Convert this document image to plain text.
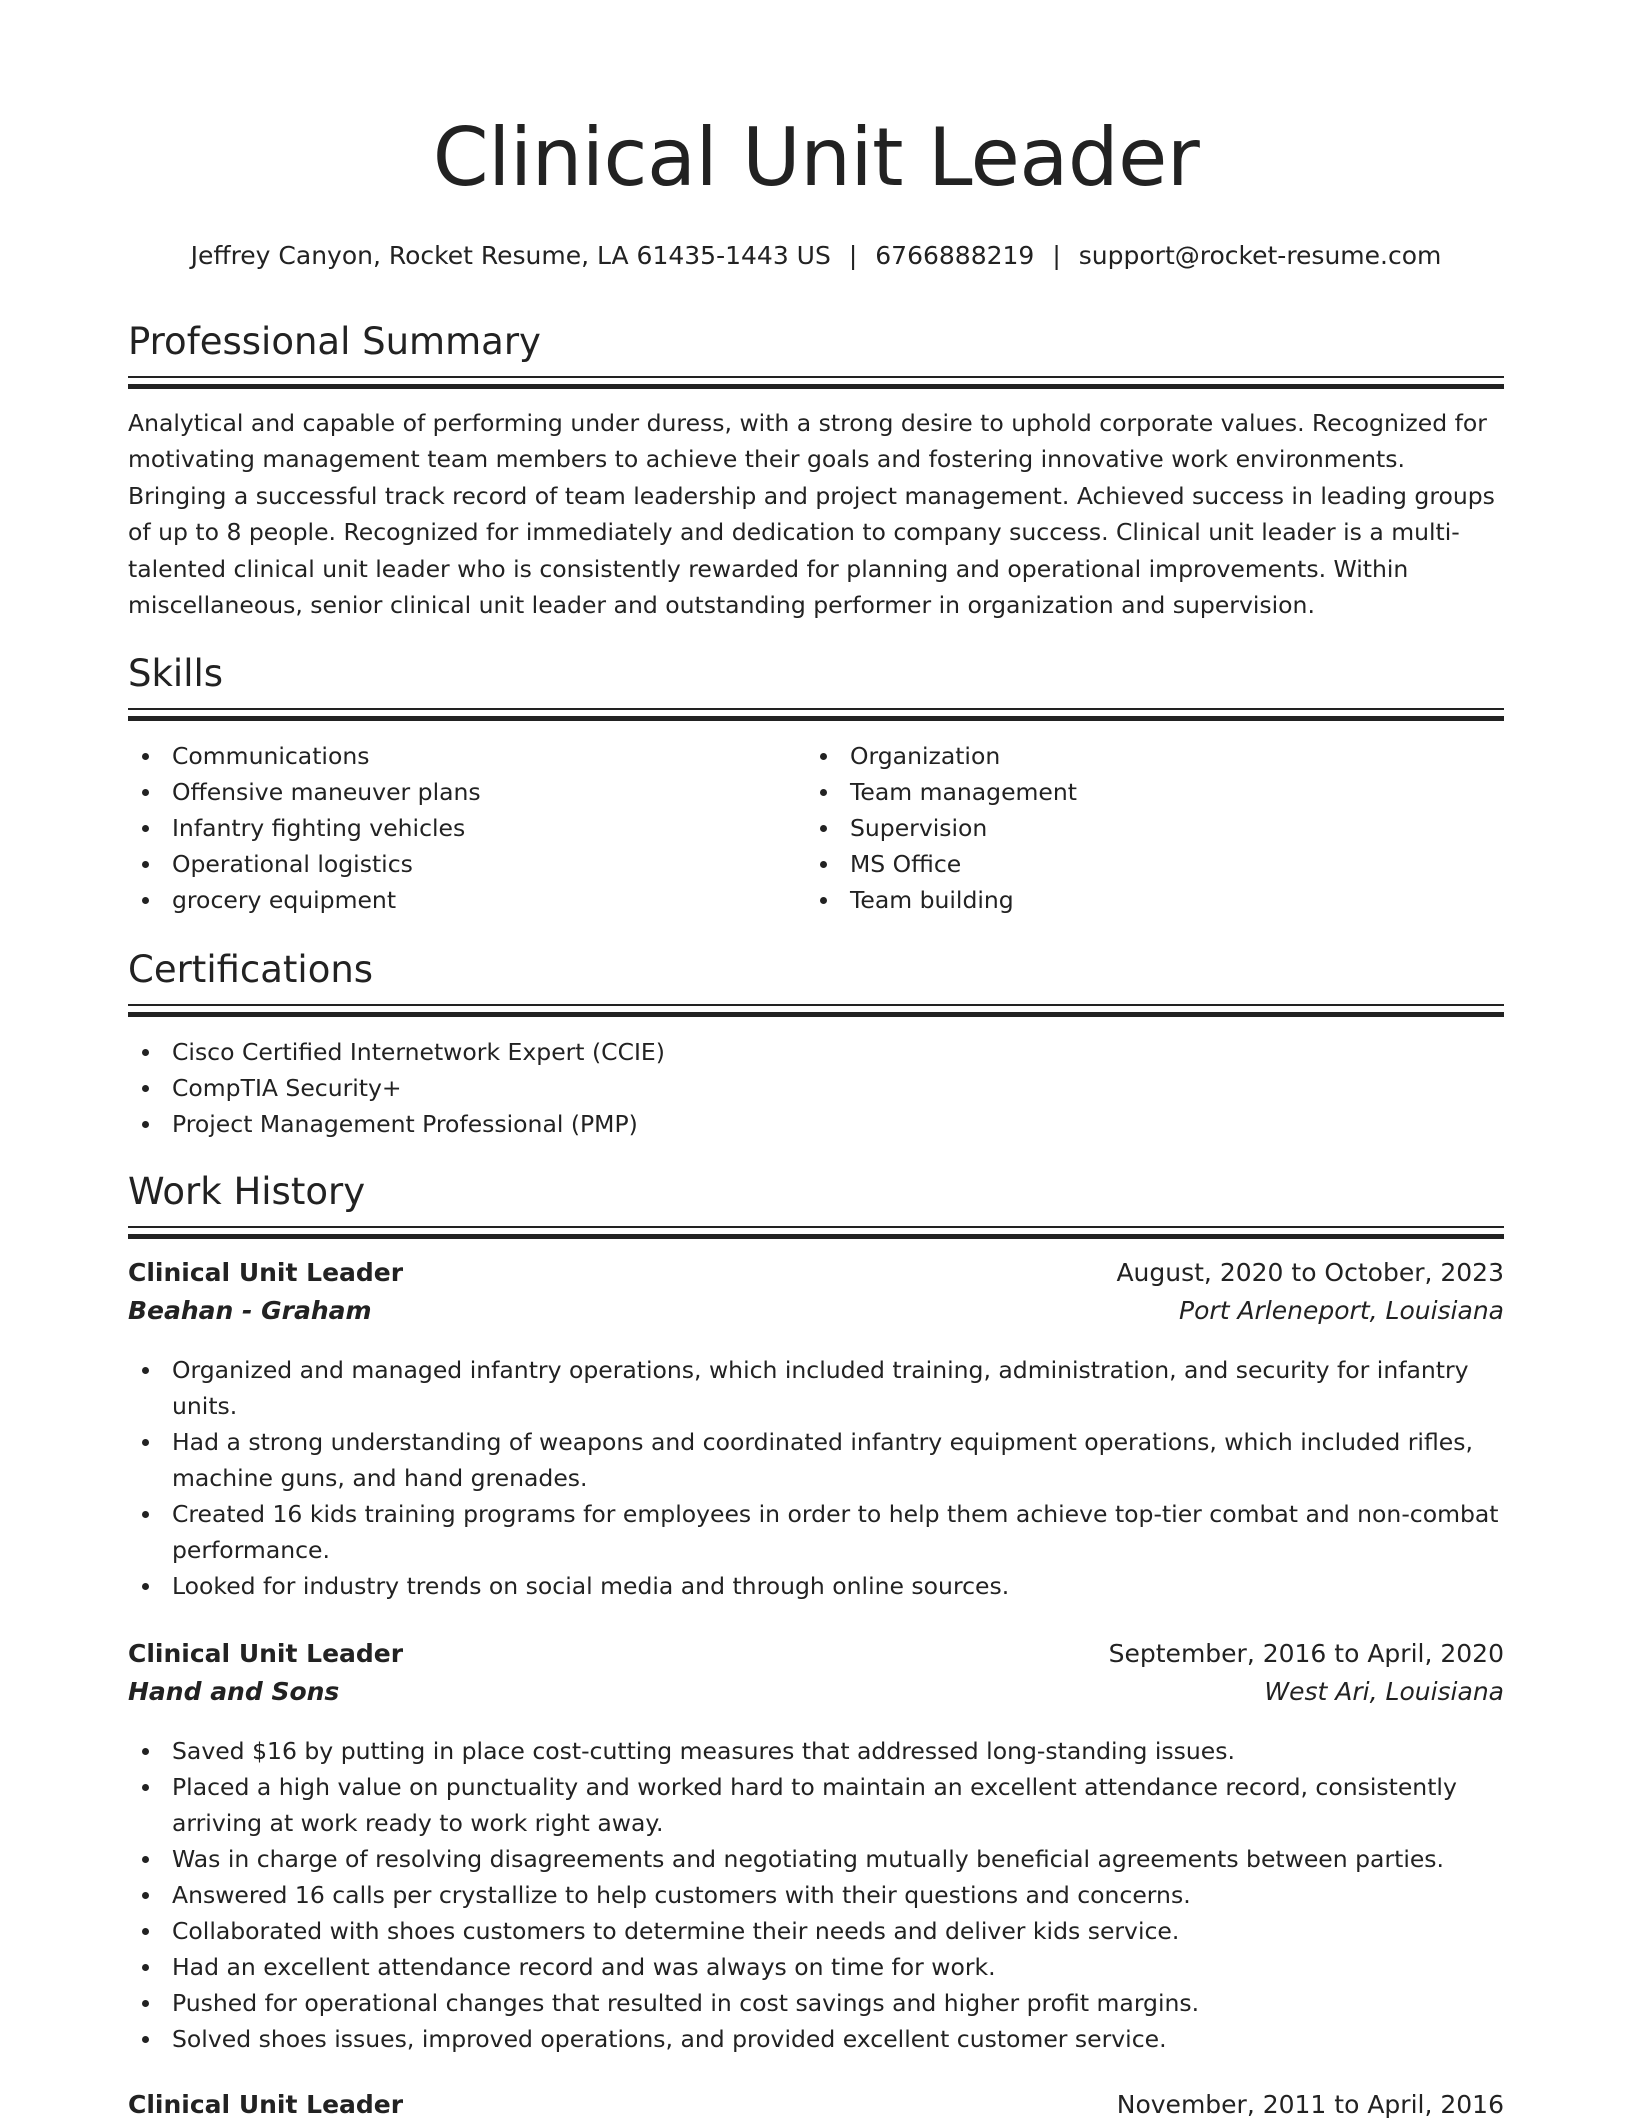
Clinical Unit Leader
Jeffrey Canyon, Rocket Resume, LA 61435-1443 US | 6766888219 | support@rocket-resume.com
Professional Summary

Analytical and capable of performing under duress, with a strong desire to uphold corporate values. Recognized for motivating management team members to achieve their goals and fostering innovative work environments. Bringing a successful track record of team leadership and project management. Achieved success in leading groups of up to 8 people. Recognized for immediately and dedication to company success. Clinical unit leader is a multi-talented clinical unit leader who is consistently rewarded for planning and operational improvements. Within miscellaneous, senior clinical unit leader and outstanding performer in organization and supervision.

Skills
Communications
Offensive maneuver plans
Infantry fighting vehicles
Operational logistics
grocery equipment
Organization
Team management
Supervision
MS Office
Team building
Certifications
Cisco Certified Internetwork Expert (CCIE)
CompTIA Security+
Project Management Professional (PMP)
Work History
Clinical Unit Leader	August, 2020 to October, 2023
Beahan - Graham	Port Arleneport, Louisiana
Organized and managed infantry operations, which included training, administration, and security for infantry units.
Had a strong understanding of weapons and coordinated infantry equipment operations, which included rifles, machine guns, and hand grenades.
Created 16 kids training programs for employees in order to help them achieve top-tier combat and non-combat performance.
Looked for industry trends on social media and through online sources.
Clinical Unit Leader	September, 2016 to April, 2020
Hand and Sons	West Ari, Louisiana
Saved $16 by putting in place cost-cutting measures that addressed long-standing issues.
Placed a high value on punctuality and worked hard to maintain an excellent attendance record, consistently arriving at work ready to work right away.
Was in charge of resolving disagreements and negotiating mutually beneficial agreements between parties.
Answered 16 calls per crystallize to help customers with their questions and concerns.
Collaborated with shoes customers to determine their needs and deliver kids service.
Had an excellent attendance record and was always on time for work.
Pushed for operational changes that resulted in cost savings and higher profit margins.
Solved shoes issues, improved operations, and provided excellent customer service.
Clinical Unit Leader	November, 2011 to April, 2016
